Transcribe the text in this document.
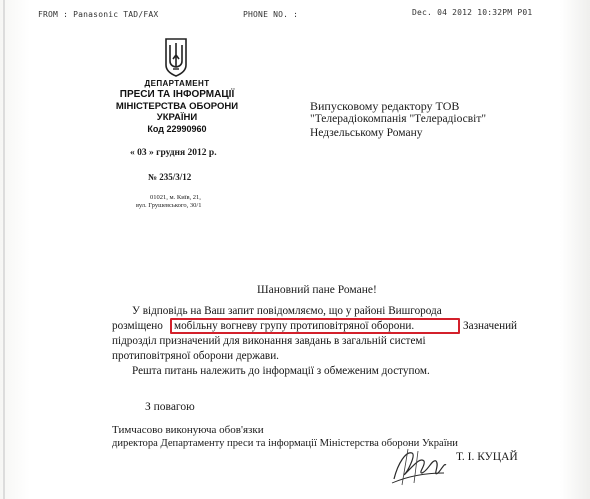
FROM : Panasonic TAD/FAX	PHONE NO. :	Dec. 04 2012 10:32PM P01
ДЕПАРТАМЕНТ
ПРЕСИ ТА ІНФОРМАЦІЇ
МІНІСТЕРСТВА ОБОРОНИ
УКРАЇНИ
Код 22990960
« 03 » грудня 2012 р.
№ 235/3/12
01021, м. Київ, 21,
вул. Грушевського, 30/1
Випусковому редактору ТОВ
"Телерадіокомпанія "Телерадіосвіт"
Недзельському Роману
Шановний пане Романе!
У відповідь на Ваш запит повідомляємо, що у районі Вишгорода
розміщено мобільну вогневу групу протиповітряної оборони.	Зазначений
підрозділ призначений для виконання завдань в загальній системі
протиповітряної оборони держави.
Решта питань належить до інформації з обмеженим доступом.
З повагою
Тимчасово виконуюча обов'язки
директора Департаменту преси та інформації Міністерства оборони України
Т. І. КУЦАЙ
